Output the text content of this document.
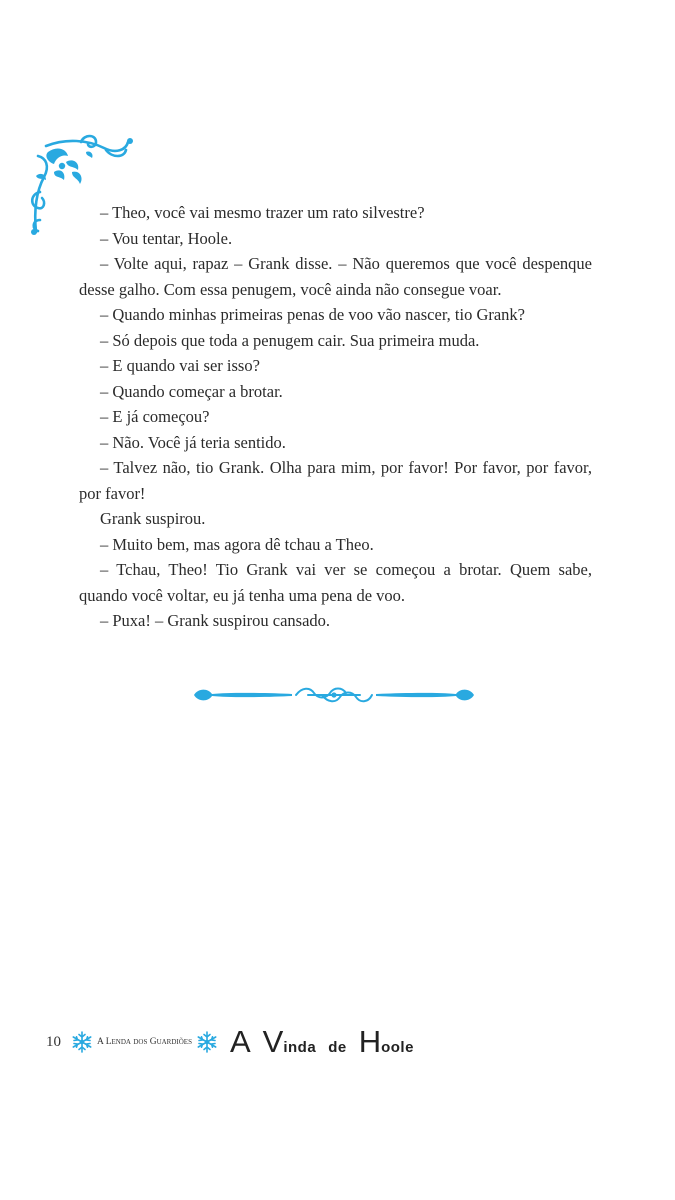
– Theo, você vai mesmo trazer um rato silvestre?

– Vou tentar, Hoole.

– Volte aqui, rapaz – Grank disse. – Não queremos que você despenque desse galho. Com essa penugem, você ainda não consegue voar.

– Quando minhas primeiras penas de voo vão nascer, tio Grank?

– Só depois que toda a penugem cair. Sua primeira muda.

– E quando vai ser isso?

– Quando começar a brotar.

– E já começou?

– Não. Você já teria sentido.

– Talvez não, tio Grank. Olha para mim, por favor! Por favor, por favor, por favor!

Grank suspirou.

– Muito bem, mas agora dê tchau a Theo.

– Tchau, Theo! Tio Grank vai ver se começou a brotar. Quem sabe, quando você voltar, eu já tenha uma pena de voo.

– Puxa! – Grank suspirou cansado.

10	A Lenda dos Guardiões A V inda de H oole
